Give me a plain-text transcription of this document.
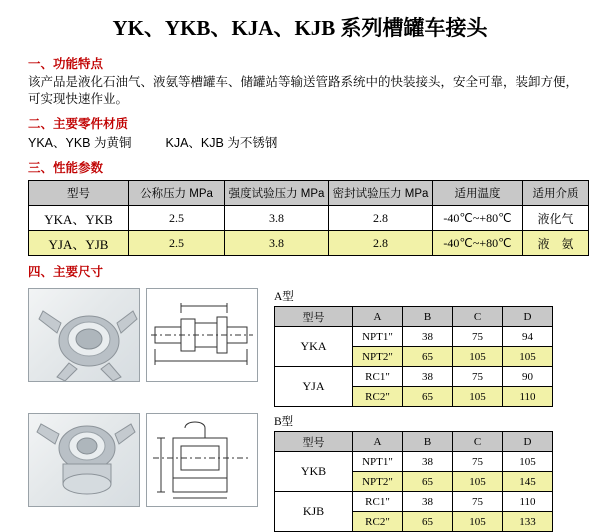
YK、YKB、KJA、KJB 系列槽罐车接头
一、功能特点
该产品是液化石油气、液氨等槽罐车、储罐站等输送管路系统中的快装接头，安全可靠，装卸方便，可实现快速作业。
二、主要零件材质
YKA、YKB 为黄铜	KJA、KJB 为不锈钢
三、性能参数
型号	公称压力 MPa	强度试验压力 MPa	密封试验压力 MPa	适用温度	适用介质
YKA、YKB	2.5	3.8	2.8	-40℃~+80℃	液化气
YJA、YJB	2.5	3.8	2.8	-40℃~+80℃	液　氨
四、主要尺寸
A型
型号	A	B	C	D
YKA	NPT1"	38	75	94
	NPT2"	65	105	105
YJA	RC1"	38	75	90
	RC2"	65	105	110
B型
型号	A	B	C	D
YKB	NPT1"	38	75	105
	NPT2"	65	105	145
KJB	RC1"	38	75	110
	RC2"	65	105	133
